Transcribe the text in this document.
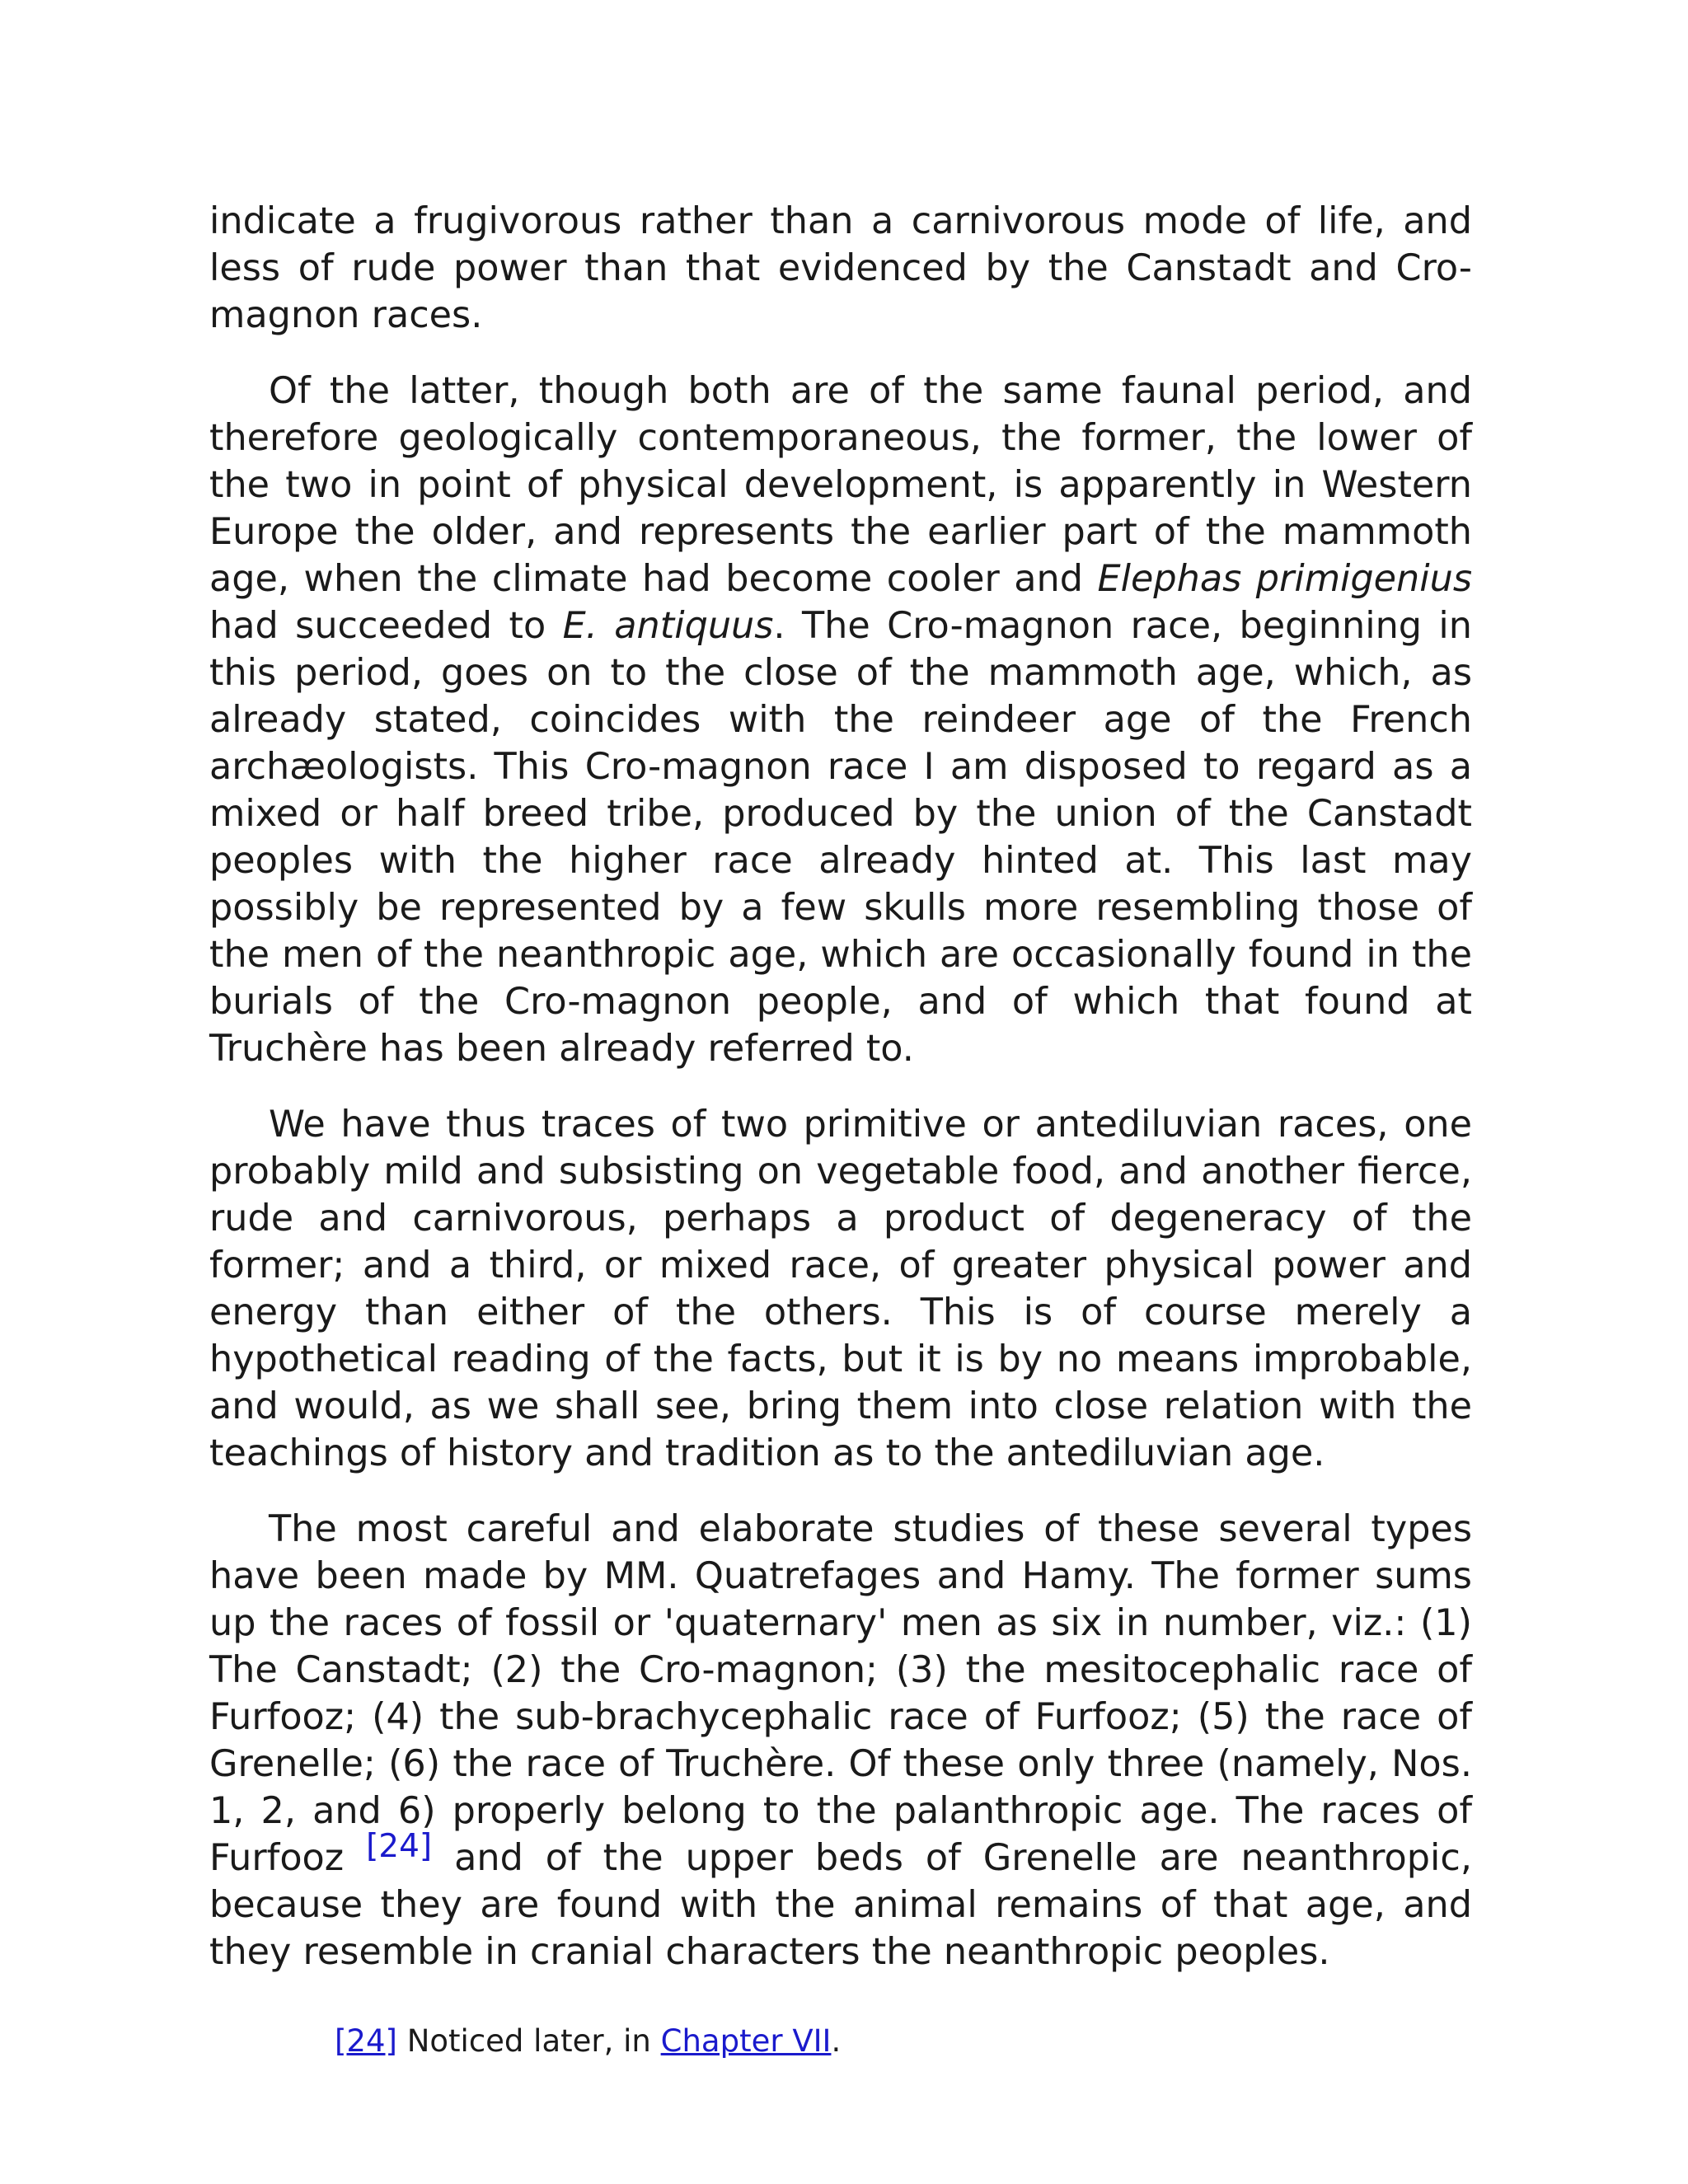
indicate a frugivorous rather than a carnivorous mode of life, and less of rude power than that evidenced by the Canstadt and Cro-magnon races.

Of the latter, though both are of the same faunal period, and therefore geologically contemporaneous, the former, the lower of the two in point of physical development, is apparently in Western Europe the older, and represents the earlier part of the mammoth age, when the climate had become cooler and Elephas primigenius had succeeded to E. antiquus. The Cro-magnon race, beginning in this period, goes on to the close of the mammoth age, which, as already stated, coincides with the reindeer age of the French archæologists. This Cro-magnon race I am disposed to regard as a mixed or half breed tribe, produced by the union of the Canstadt peoples with the higher race already hinted at. This last may possibly be represented by a few skulls more resembling those of the men of the neanthropic age, which are occasionally found in the burials of the Cro-magnon people, and of which that found at Truchère has been already referred to.

We have thus traces of two primitive or antediluvian races, one probably mild and subsisting on vegetable food, and another fierce, rude and carnivorous, perhaps a product of degeneracy of the former; and a third, or mixed race, of greater physical power and energy than either of the others. This is of course merely a hypothetical reading of the facts, but it is by no means improbable, and would, as we shall see, bring them into close relation with the teachings of history and tradition as to the antediluvian age.

The most careful and elaborate studies of these several types have been made by MM. Quatrefages and Hamy. The former sums up the races of fossil or 'quaternary' men as six in number, viz.: (1) The Canstadt; (2) the Cro-magnon; (3) the mesitocephalic race of Furfooz; (4) the sub-brachycephalic race of Furfooz; (5) the race of Grenelle; (6) the race of Truchère. Of these only three (namely, Nos. 1, 2, and 6) properly belong to the palanthropic age. The races of Furfooz [24] and of the upper beds of Grenelle are neanthropic, because they are found with the animal remains of that age, and they resemble in cranial characters the neanthropic peoples.

[24] Noticed later, in Chapter VII.
